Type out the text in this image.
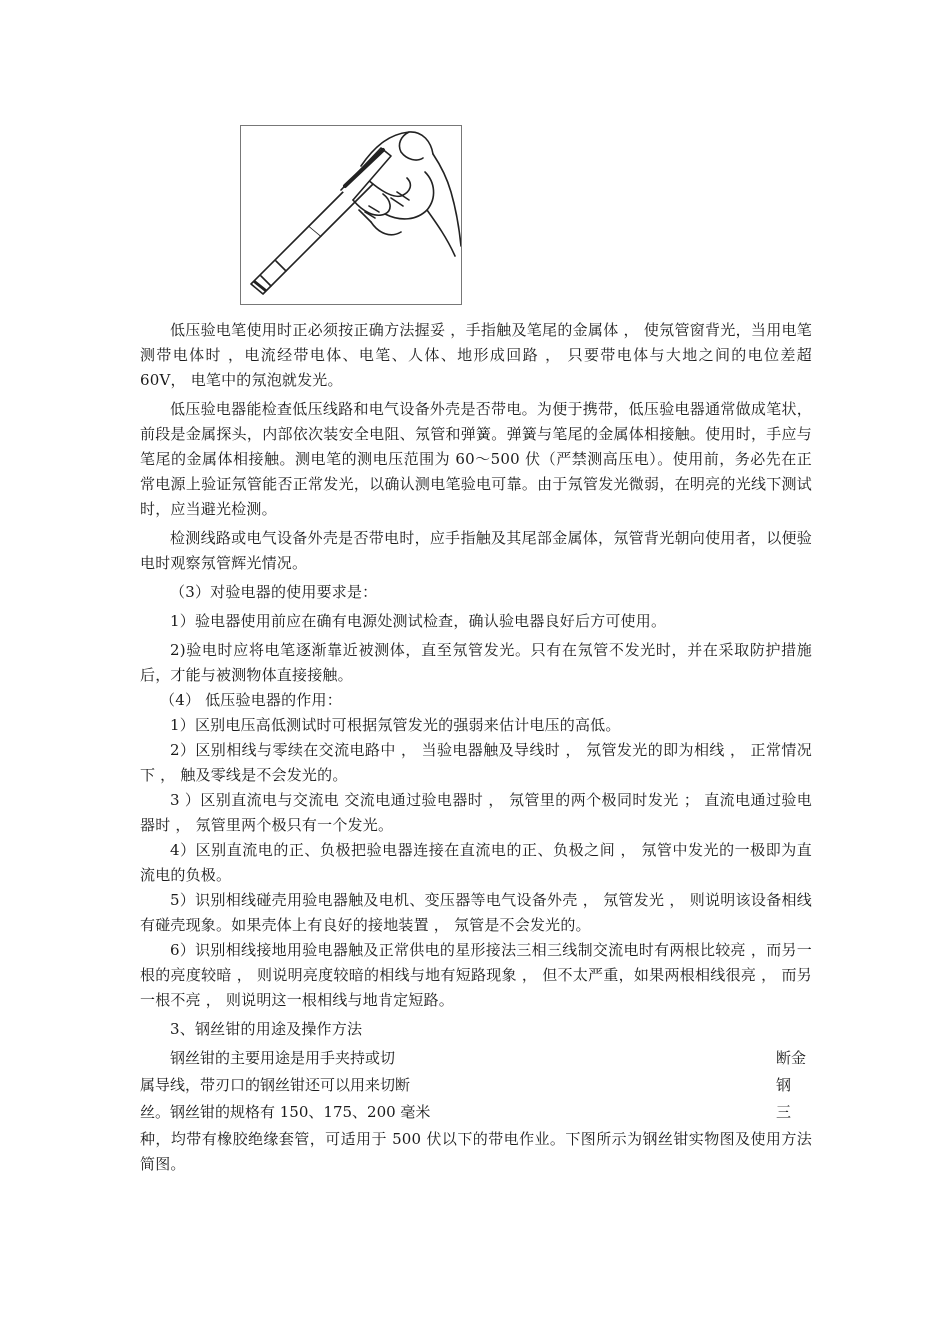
低压验电笔使用时正必须按正确方法握妥 ，手指触及笔尾的金属体 ， 使氖管窗背光，当用电笔测带电体时 ，电流经带电体、电笔、人体、地形成回路 ， 只要带电体与大地之间的电位差超 60V， 电笔中的氖泡就发光。

低压验电器能检查低压线路和电气设备外壳是否带电。为便于携带，低压验电器通常做成笔状，前段是金属探头，内部依次装安全电阻、氖管和弹簧。弹簧与笔尾的金属体相接触。使用时，手应与笔尾的金属体相接触。测电笔的测电压范围为 60～500 伏（严禁测高压电）。使用前，务必先在正常电源上验证氖管能否正常发光，以确认测电笔验电可靠。由于氖管发光微弱，在明亮的光线下测试时，应当避光检测。

检测线路或电气设备外壳是否带电时，应手指触及其尾部金属体，氖管背光朝向使用者，以便验电时观察氖管辉光情况。

（3）对验电器的使用要求是：

1）验电器使用前应在确有电源处测试检查，确认验电器良好后方可使用。

2)验电时应将电笔逐渐靠近被测体，直至氖管发光。只有在氖管不发光时，并在采取防护措施后，才能与被测物体直接接触。

（4） 低压验电器的作用：

1）区别电压高低测试时可根据氖管发光的强弱来估计电压的高低。

2）区别相线与零续在交流电路中 ， 当验电器触及导线时 ， 氖管发光的即为相线 ， 正常情况下 ， 触及零线是不会发光的。

3 ）区别直流电与交流电 交流电通过验电器时 ， 氖管里的两个极同时发光 ； 直流电通过验电器时 ， 氖管里两个极只有一个发光。

4）区别直流电的正、负极把验电器连接在直流电的正、负极之间 ， 氖管中发光的一极即为直流电的负极。

5）识别相线碰壳用验电器触及电机、变压器等电气设备外壳 ， 氖管发光 ， 则说明该设备相线有碰壳现象。如果壳体上有良好的接地装置 ， 氖管是不会发光的。

6）识别相线接地用验电器触及正常供电的星形接法三相三线制交流电时有两根比较亮 ，而另一根的亮度较暗 ， 则说明亮度较暗的相线与地有短路现象 ， 但不太严重，如果两根相线很亮 ， 而另一根不亮 ， 则说明这一根相线与地肯定短路。

3、钢丝钳的用途及操作方法

钢丝钳的主要用途是用手夹持或切	断金
属导线，带刃口的钢丝钳还可以用来切断	钢
丝。钢丝钳的规格有 150、175、200 毫米	三

种，均带有橡胶绝缘套管，可适用于 500 伏以下的带电作业。下图所示为钢丝钳实物图及使用方法简图。
